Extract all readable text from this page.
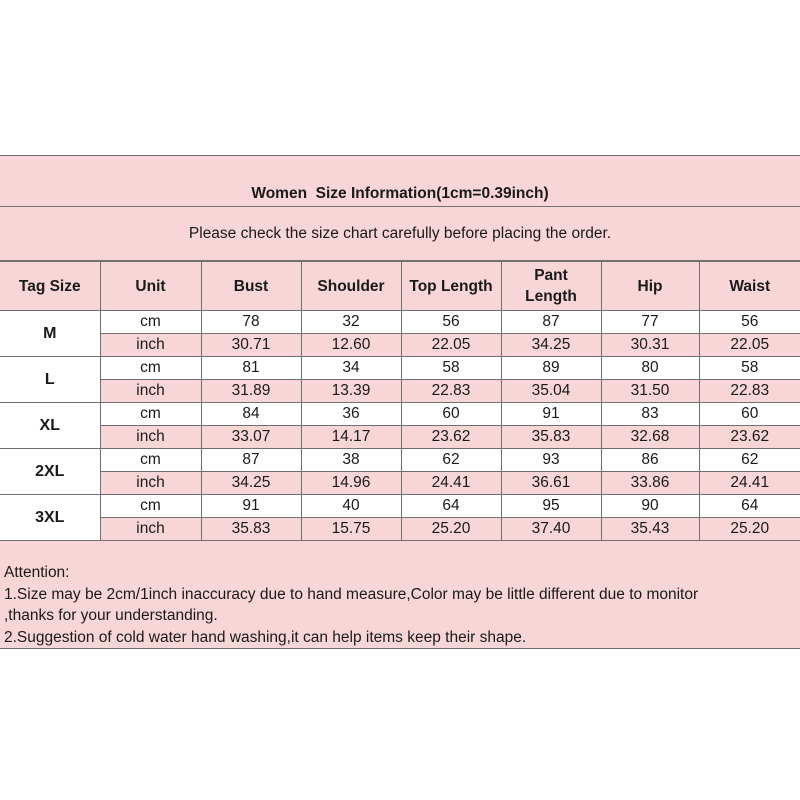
Women  Size Information(1cm=0.39inch)
Please check the size chart carefully before placing the order.
Tag Size	Unit	Bust	Shoulder	Top Length	Pant Length	Hip	Waist
M	cm	78	32	56	87	77	56
	inch	30.71	12.60	22.05	34.25	30.31	22.05
L	cm	81	34	58	89	80	58
	inch	31.89	13.39	22.83	35.04	31.50	22.83
XL	cm	84	36	60	91	83	60
	inch	33.07	14.17	23.62	35.83	32.68	23.62
2XL	cm	87	38	62	93	86	62
	inch	34.25	14.96	24.41	36.61	33.86	24.41
3XL	cm	91	40	64	95	90	64
	inch	35.83	15.75	25.20	37.40	35.43	25.20
Attention:
1.Size may be 2cm/1inch inaccuracy due to hand measure,Color may be little different due to monitor
,thanks for your understanding.
2.Suggestion of cold water hand washing,it can help items keep their shape.
